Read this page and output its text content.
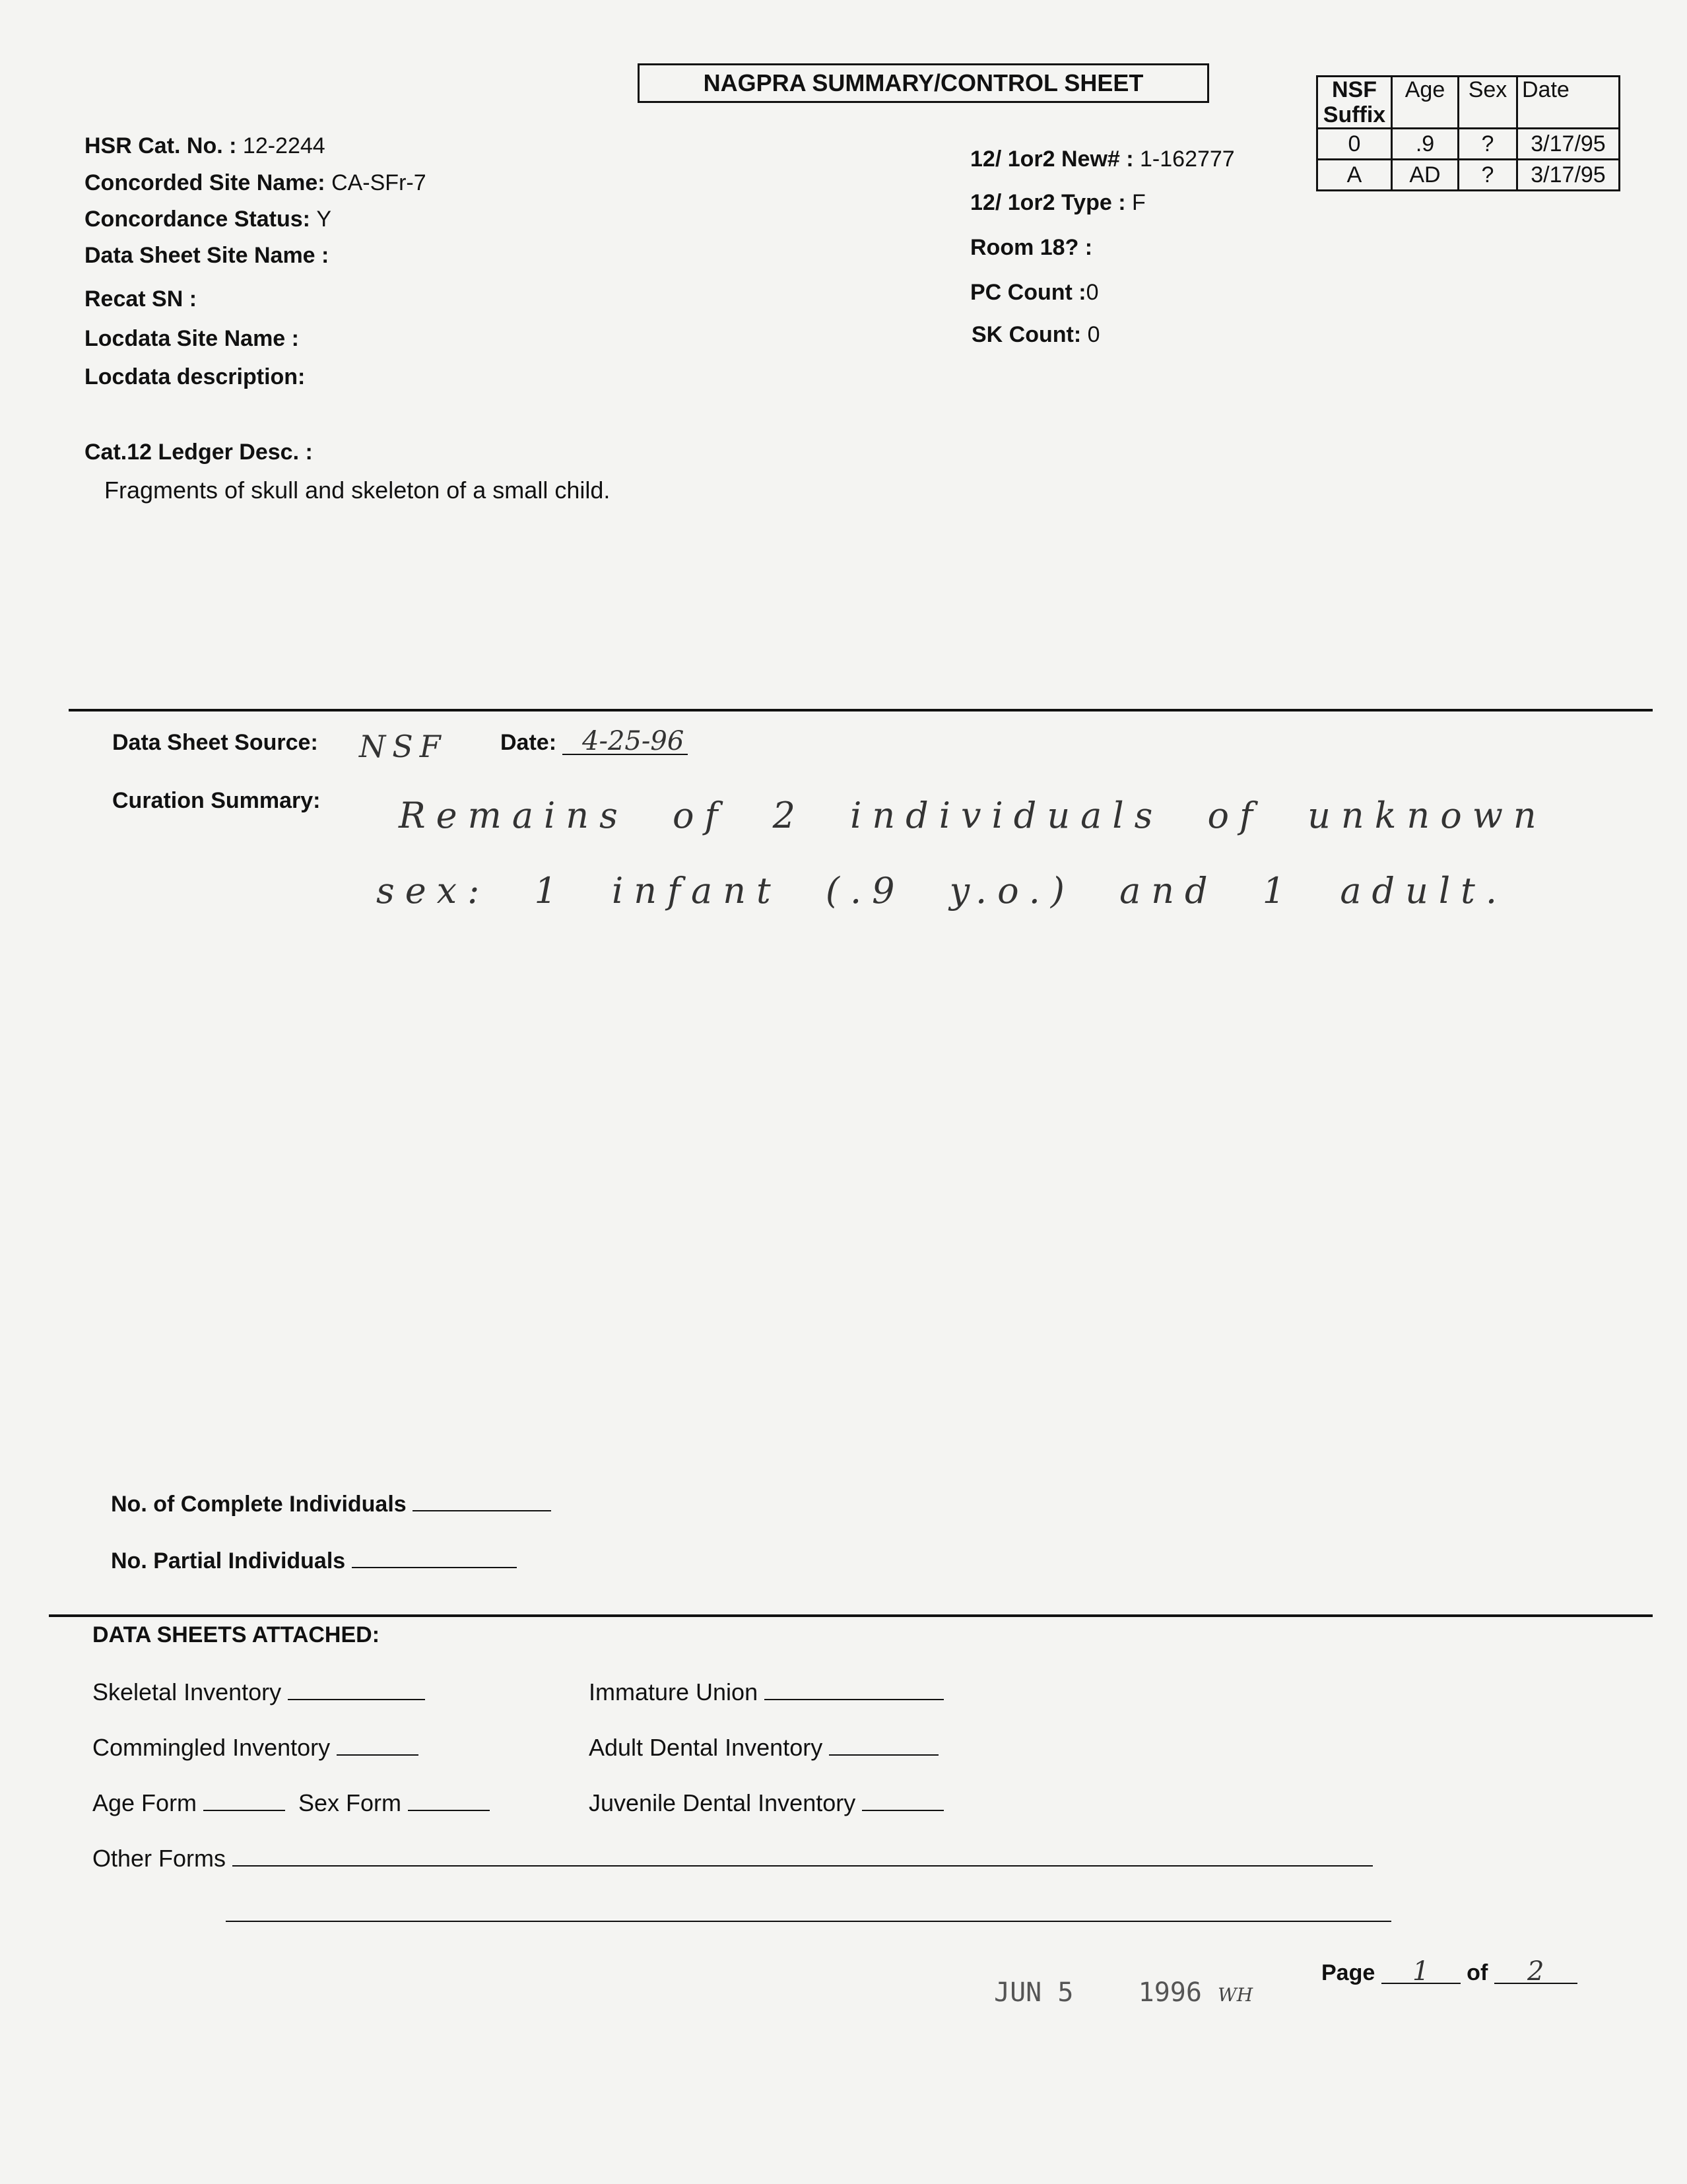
NAGPRA SUMMARY/CONTROL SHEET	NSF Suffix	Age	Sex	Date
0	.9	?	3/17/95
A	AD	?	3/17/95
HSR Cat. No. : 12-2244
Concorded Site Name: CA-SFr-7
Concordance Status: Y
Data Sheet Site Name :
Recat SN :
Locdata Site Name :
Locdata description:
12/ 1or2 New# : 1-162777
12/ 1or2 Type : F
Room 18? :
PC Count :0
SK Count: 0
Cat.12 Ledger Desc. :
Fragments of skull and skeleton of a small child.
Data Sheet Source: NSF Date: 4-25-96
Curation Summary: Remains of 2 individuals of unknown
sex: 1 infant (.9 y.o.) and 1 adult.
No. of Complete Individuals
No. Partial Individuals
DATA SHEETS ATTACHED:
Skeletal Inventory
Commingled Inventory
Age Form	Sex Form
Immature Union
Adult Dental Inventory
Juvenile Dental Inventory
Other Forms
JUN 5 1996 WH
Page 1 of 2
